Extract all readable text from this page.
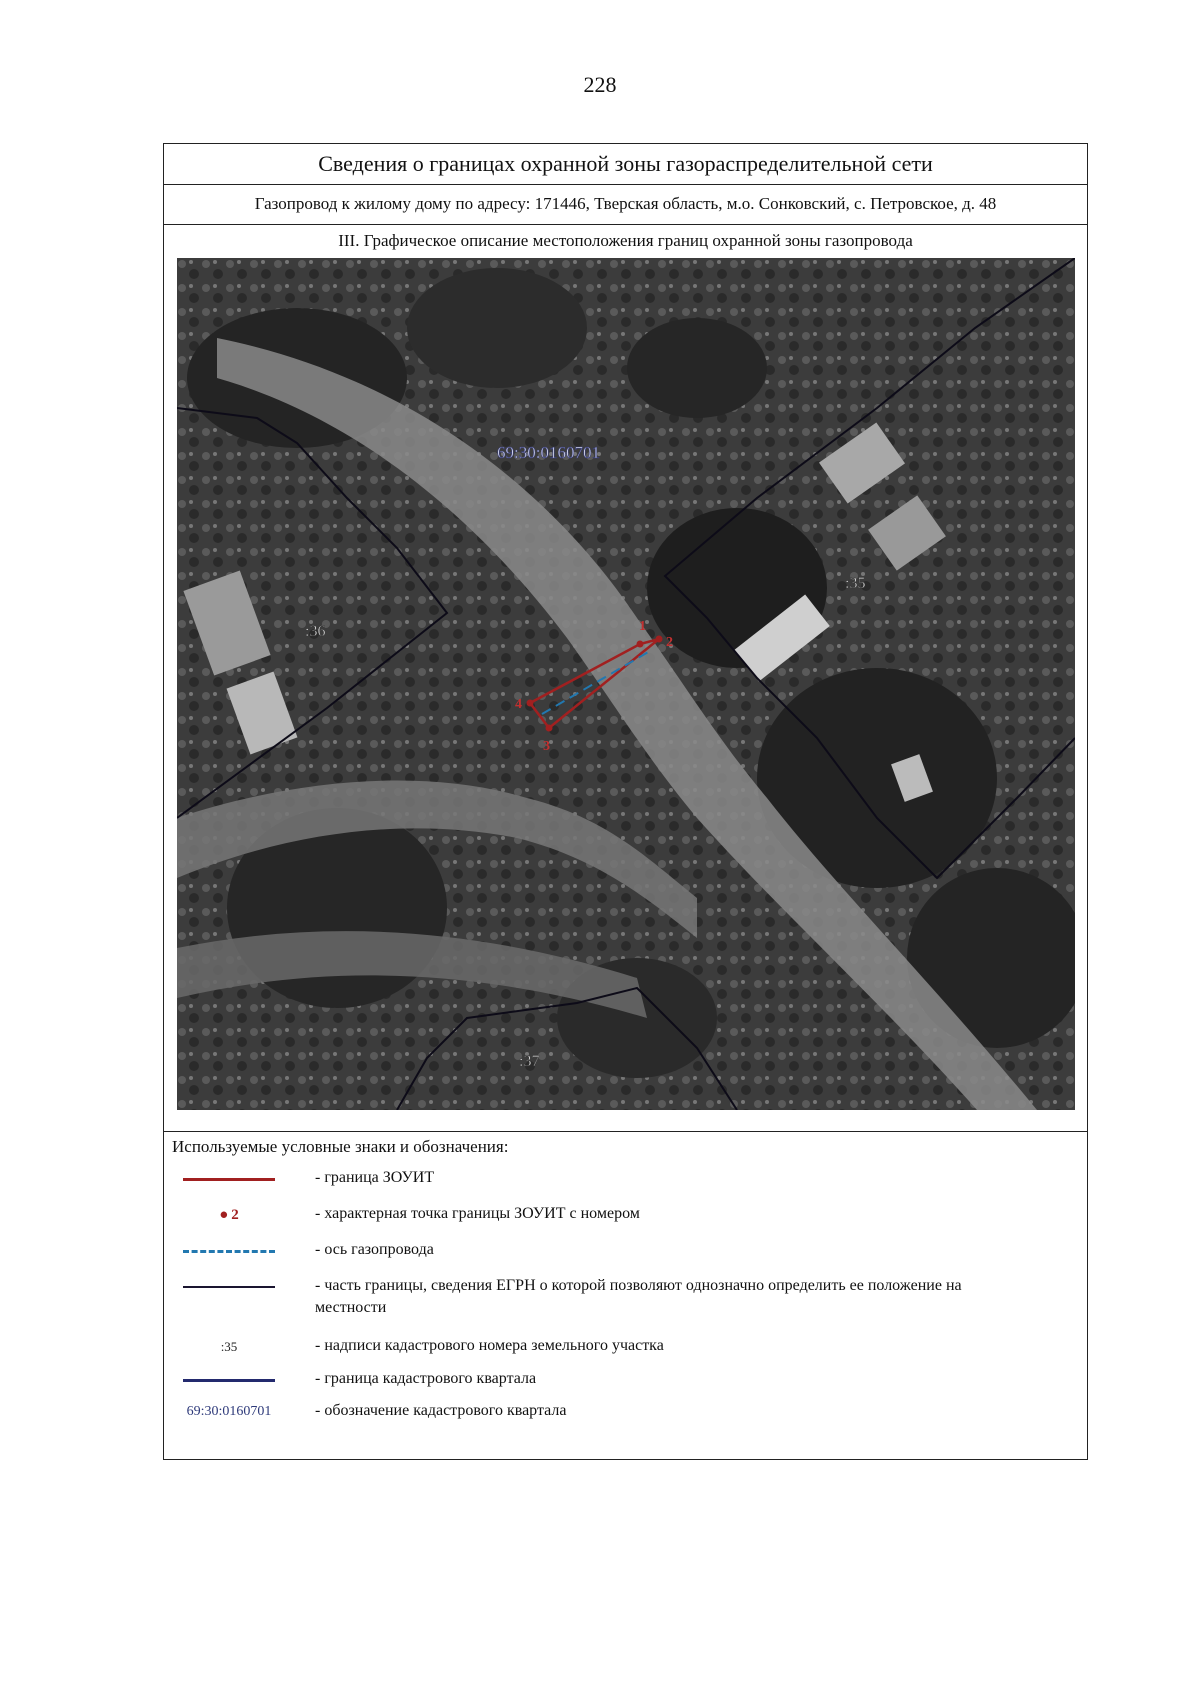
228
Сведения о границах охранной зоны газораспределительной сети
Газопровод к жилому дому по адресу: 171446, Тверская область, м.о. Сонковский, с. Петровское, д. 48
III. Графическое описание местоположения границ охранной зоны газопровода
1
2
3
4
69:30:0160701
:36
:35
:37
Используемые условные знаки и обозначения:
- граница ЗОУИТ
●  2	- характерная точка границы ЗОУИТ с номером
- ось газопровода
- часть границы, сведения ЕГРН о которой позволяют однозначно определить ее положение на местности
:35	- надписи кадастрового номера земельного участка
- граница кадастрового квартала
69:30:0160701	- обозначение кадастрового квартала
